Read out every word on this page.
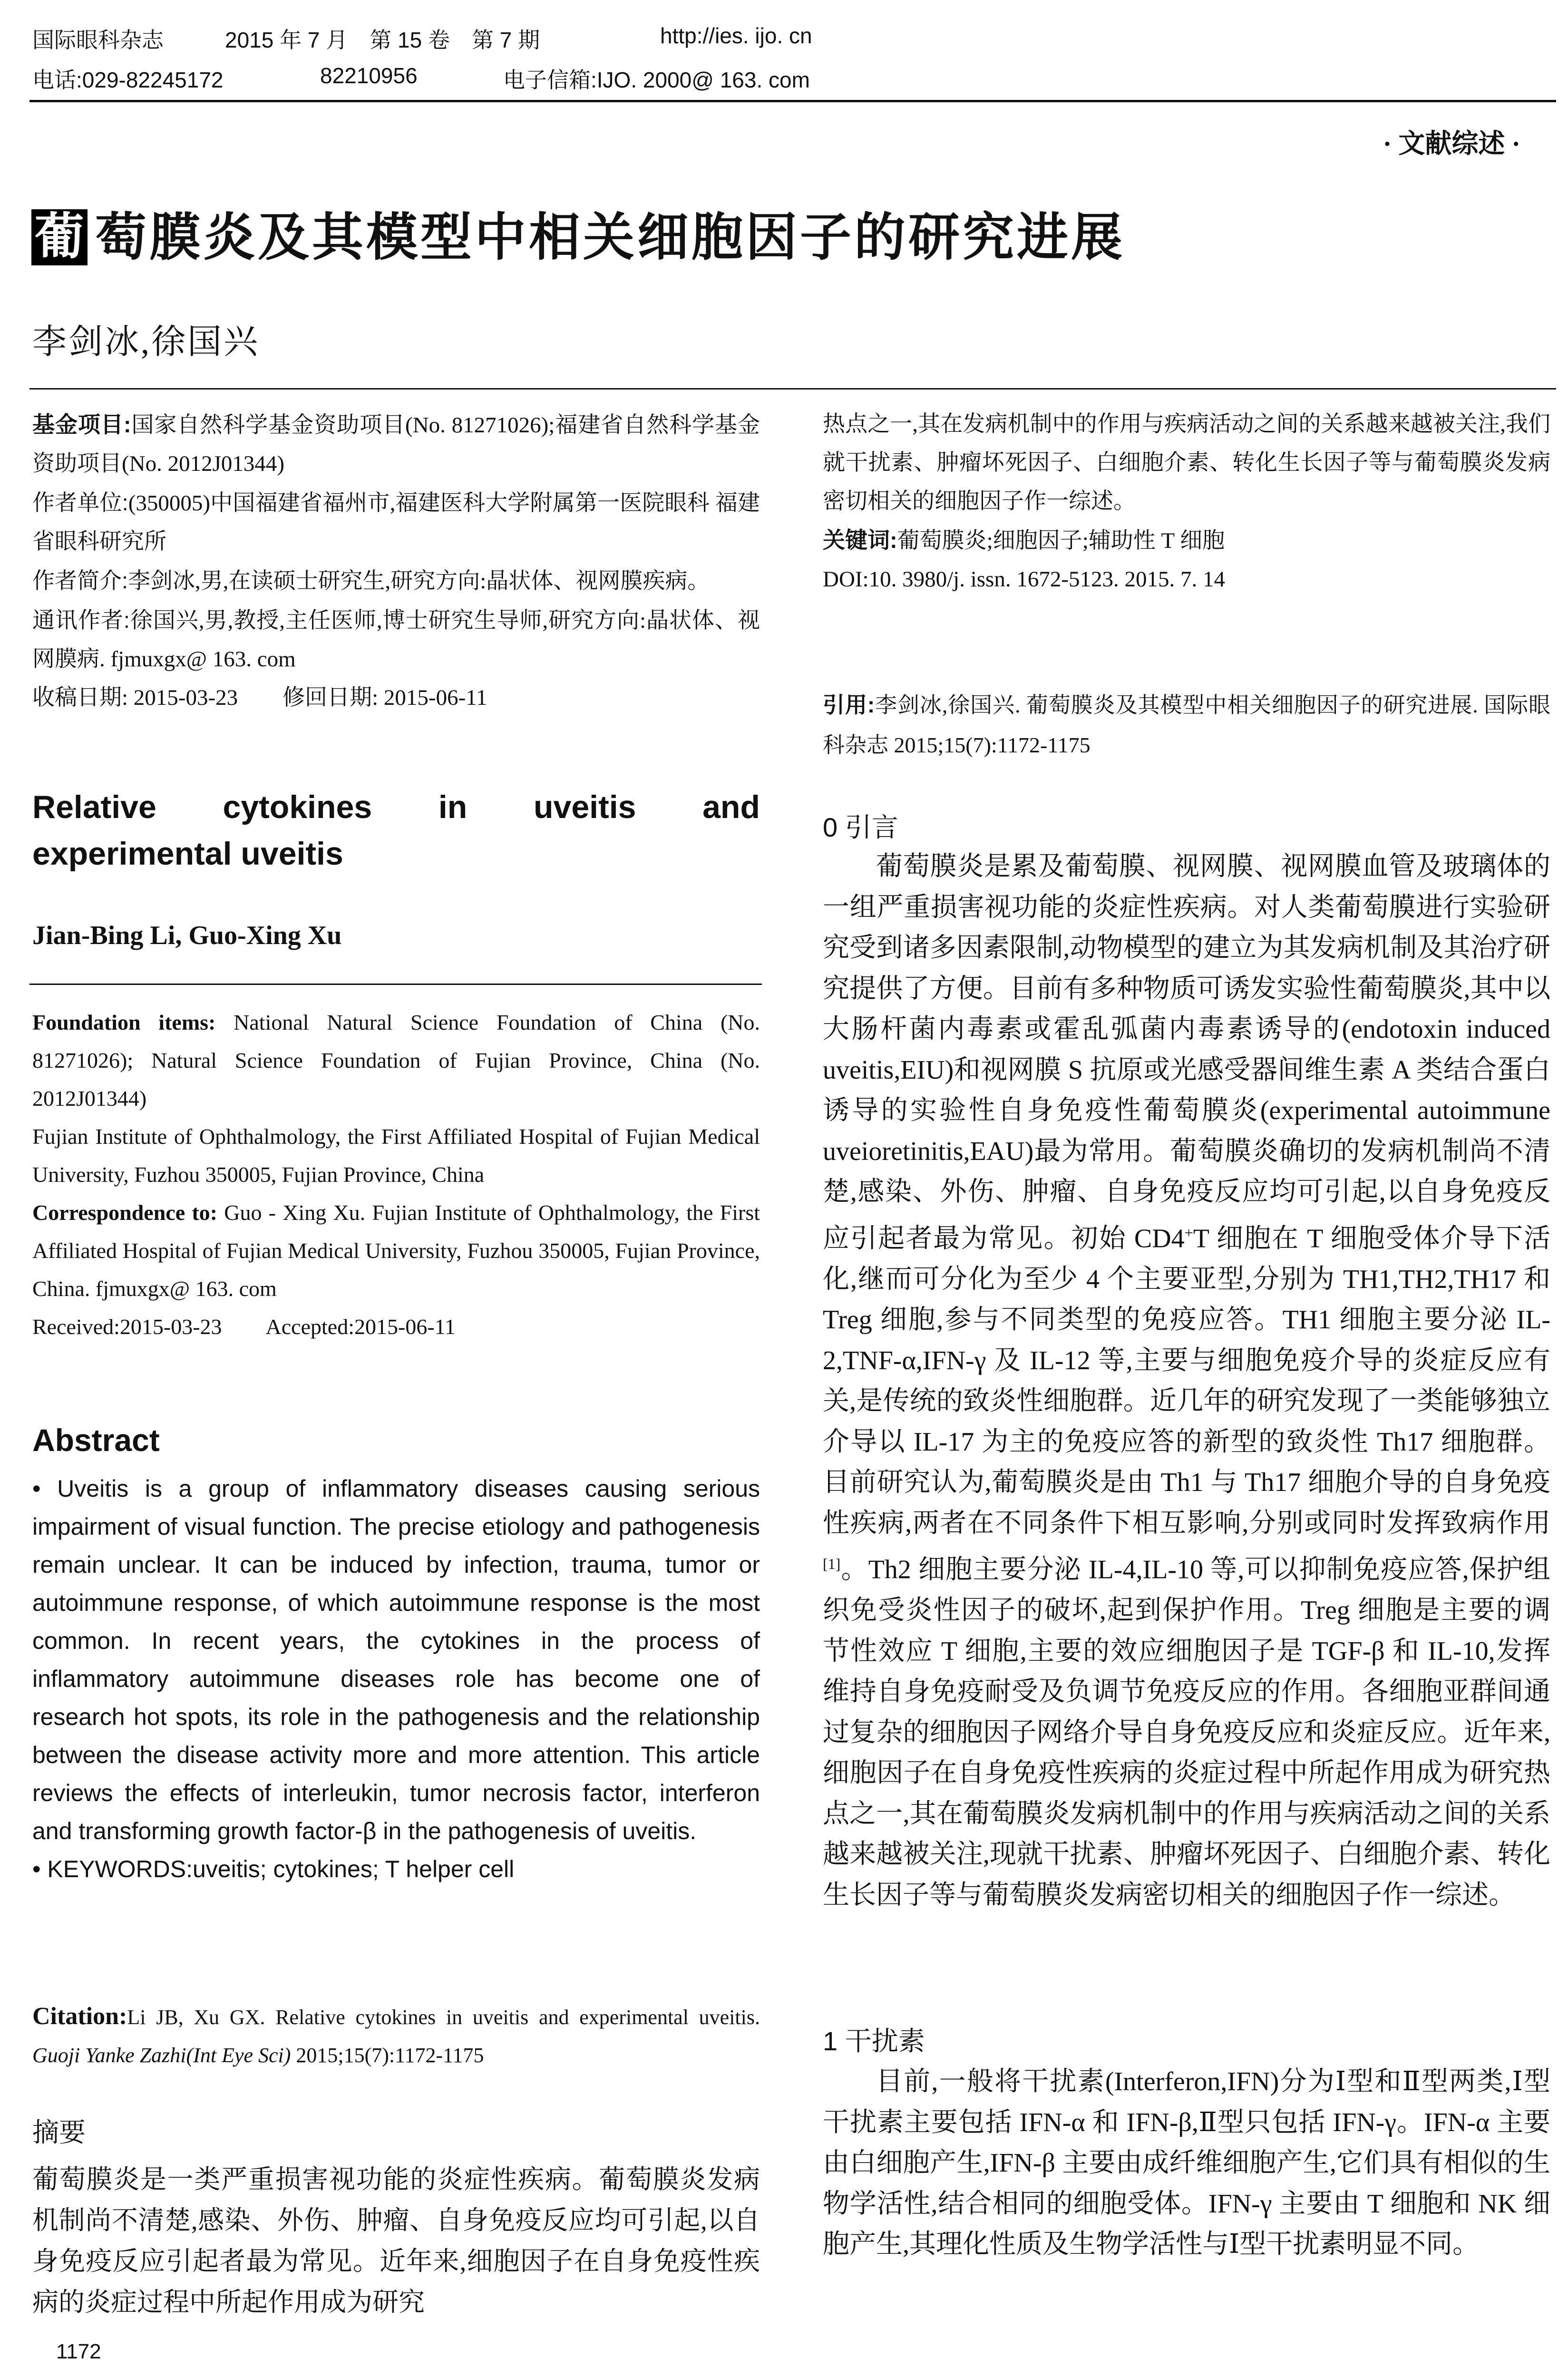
国际眼科杂志	2015 年 7 月　第 15 卷　第 7 期	http://ies. ijo. cn
电话:029-82245172	82210956	电子信箱:IJO. 2000@ 163. com
· 文献综述 ·
葡 萄膜炎及其模型中相关细胞因子的研究进展
李剑冰,徐国兴

基金项目:国家自然科学基金资助项目(No. 81271026);福建省自然科学基金资助项目(No. 2012J01344)

作者单位:(350005)中国福建省福州市,福建医科大学附属第一医院眼科 福建省眼科研究所

作者简介:李剑冰,男,在读硕士研究生,研究方向:晶状体、视网膜疾病。

通讯作者:徐国兴,男,教授,主任医师,博士研究生导师,研究方向:晶状体、视网膜病. fjmuxgx@ 163. com

收稿日期: 2015-03-23　　修回日期: 2015-06-11

热点之一,其在发病机制中的作用与疾病活动之间的关系越来越被关注,我们就干扰素、肿瘤坏死因子、白细胞介素、转化生长因子等与葡萄膜炎发病密切相关的细胞因子作一综述。

关键词:葡萄膜炎;细胞因子;辅助性 T 细胞

DOI:10. 3980/j. issn. 1672-5123. 2015. 7. 14

引用:李剑冰,徐国兴. 葡萄膜炎及其模型中相关细胞因子的研究进展. 国际眼科杂志 2015;15(7):1172-1175
Relative cytokines in uveitis and
experimental uveitis
Jian-Bing Li, Guo-Xing Xu

Foundation items: National Natural Science Foundation of China (No. 81271026); Natural Science Foundation of Fujian Province, China (No. 2012J01344)

Fujian Institute of Ophthalmology, the First Affiliated Hospital of Fujian Medical University, Fuzhou 350005, Fujian Province, China

Correspondence to: Guo - Xing Xu. Fujian Institute of Ophthalmology, the First Affiliated Hospital of Fujian Medical University, Fuzhou 350005, Fujian Province, China. fjmuxgx@ 163. com

Received:2015-03-23　　Accepted:2015-06-11

Abstract

• Uveitis is a group of inflammatory diseases causing serious impairment of visual function. The precise etiology and pathogenesis remain unclear. It can be induced by infection, trauma, tumor or autoimmune response, of which autoimmune response is the most common. In recent years, the cytokines in the process of inflammatory autoimmune diseases role has become one of research hot spots, its role in the pathogenesis and the relationship between the disease activity more and more attention. This article reviews the effects of interleukin, tumor necrosis factor, interferon and transforming growth factor-β in the pathogenesis of uveitis.

• KEYWORDS:uveitis; cytokines; T helper cell

Citation:Li JB, Xu GX. Relative cytokines in uveitis and experimental uveitis. Guoji Yanke Zazhi(Int Eye Sci) 2015;15(7):1172-1175
摘要

葡萄膜炎是一类严重损害视功能的炎症性疾病。葡萄膜炎发病机制尚不清楚,感染、外伤、肿瘤、自身免疫反应均可引起,以自身免疫反应引起者最为常见。近年来,细胞因子在自身免疫性疾病的炎症过程中所起作用成为研究

1172
0 引言

葡萄膜炎是累及葡萄膜、视网膜、视网膜血管及玻璃体的一组严重损害视功能的炎症性疾病。对人类葡萄膜进行实验研究受到诸多因素限制,动物模型的建立为其发病机制及其治疗研究提供了方便。目前有多种物质可诱发实验性葡萄膜炎,其中以大肠杆菌内毒素或霍乱弧菌内毒素诱导的(endotoxin induced uveitis,EIU)和视网膜 S 抗原或光感受器间维生素 A 类结合蛋白诱导的实验性自身免疫性葡萄膜炎(experimental autoimmune uveioretinitis,EAU)最为常用。葡萄膜炎确切的发病机制尚不清楚,感染、外伤、肿瘤、自身免疫反应均可引起,以自身免疫反应引起者最为常见。初始 CD4+T 细胞在 T 细胞受体介导下活化,继而可分化为至少 4 个主要亚型,分别为 TH1,TH2,TH17 和 Treg 细胞,参与不同类型的免疫应答。TH1 细胞主要分泌 IL-2,TNF-α,IFN-γ 及 IL-12 等,主要与细胞免疫介导的炎症反应有关,是传统的致炎性细胞群。近几年的研究发现了一类能够独立介导以 IL-17 为主的免疫应答的新型的致炎性 Th17 细胞群。目前研究认为,葡萄膜炎是由 Th1 与 Th17 细胞介导的自身免疫性疾病,两者在不同条件下相互影响,分别或同时发挥致病作用[1]。Th2 细胞主要分泌 IL-4,IL-10 等,可以抑制免疫应答,保护组织免受炎性因子的破坏,起到保护作用。Treg 细胞是主要的调节性效应 T 细胞,主要的效应细胞因子是 TGF-β 和 IL-10,发挥维持自身免疫耐受及负调节免疫反应的作用。各细胞亚群间通过复杂的细胞因子网络介导自身免疫反应和炎症反应。近年来,细胞因子在自身免疫性疾病的炎症过程中所起作用成为研究热点之一,其在葡萄膜炎发病机制中的作用与疾病活动之间的关系越来越被关注,现就干扰素、肿瘤坏死因子、白细胞介素、转化生长因子等与葡萄膜炎发病密切相关的细胞因子作一综述。

1 干扰素

目前,一般将干扰素(Interferon,IFN)分为Ⅰ型和Ⅱ型两类,Ⅰ型干扰素主要包括 IFN-α 和 IFN-β,Ⅱ型只包括 IFN-γ。IFN-α 主要由白细胞产生,IFN-β 主要由成纤维细胞产生,它们具有相似的生物学活性,结合相同的细胞受体。IFN-γ 主要由 T 细胞和 NK 细胞产生,其理化性质及生物学活性与Ⅰ型干扰素明显不同。
